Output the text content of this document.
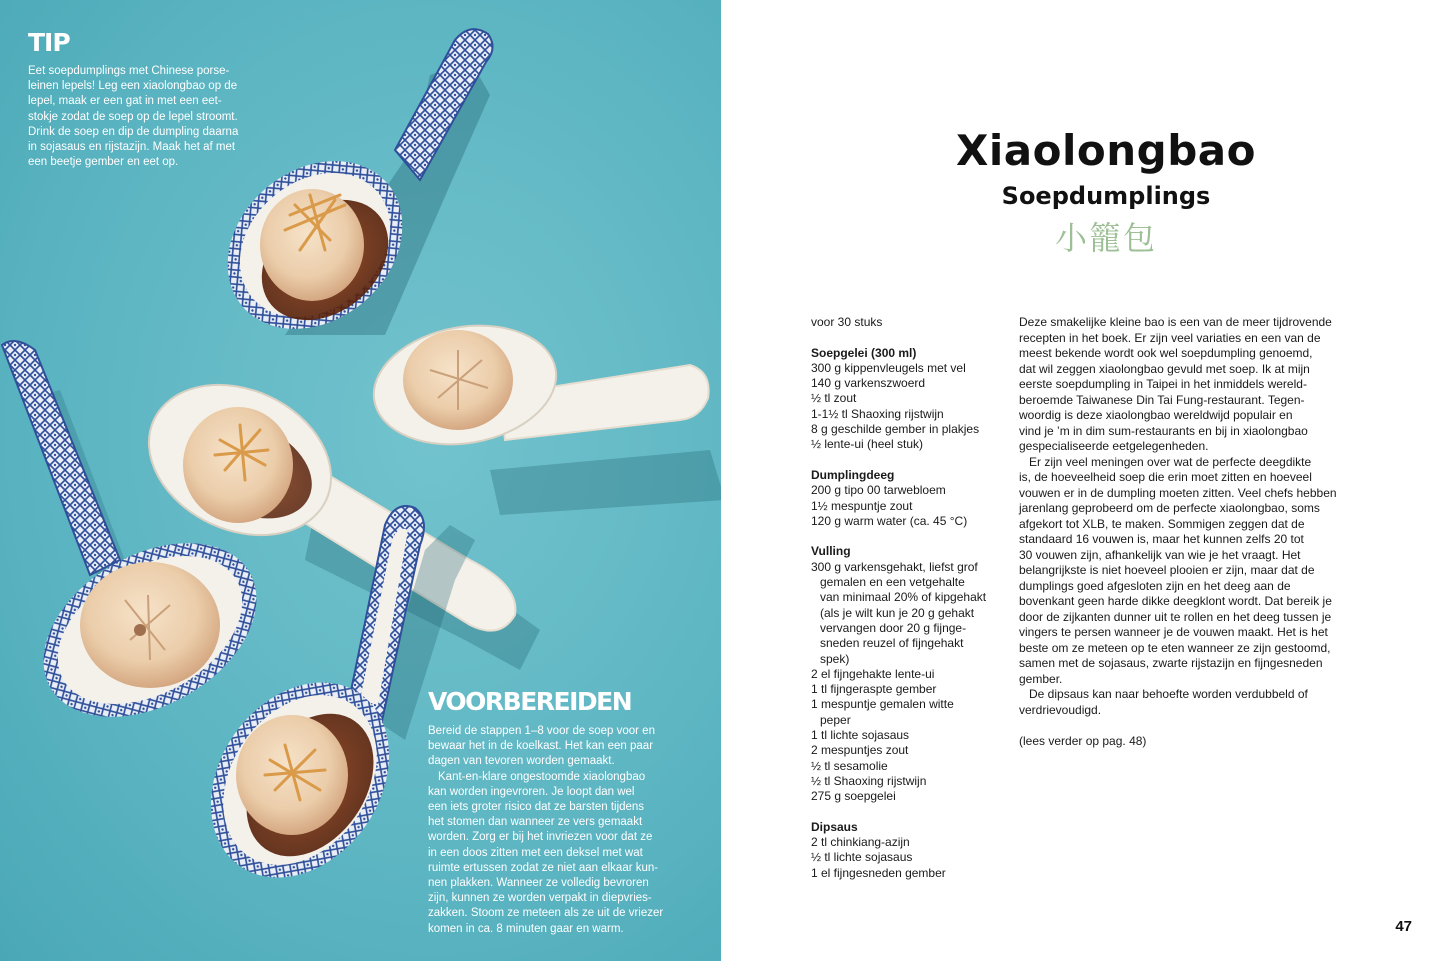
TIP

Eet soepdumplings met Chinese porse-
leinen lepels! Leg een xiaolongbao op de
lepel, maak er een gat in met een eet-
stokje zodat de soep op de lepel stroomt.
Drink de soep en dip de dumpling daarna
in sojasaus en rijstazijn. Maak het af met
een beetje gember en eet op.

VOORBEREIDEN

Bereid de stappen 1–8 voor de soep voor en
bewaar het in de koelkast. Het kan een paar
dagen van tevoren worden gemaakt.
Kant-en-klare ongestoomde xiaolongbao
kan worden ingevroren. Je loopt dan wel
een iets groter risico dat ze barsten tijdens
het stomen dan wanneer ze vers gemaakt
worden. Zorg er bij het invriezen voor dat ze
in een doos zitten met een deksel met wat
ruimte ertussen zodat ze niet aan elkaar kun-
nen plakken. Wanneer ze volledig bevroren
zijn, kunnen ze worden verpakt in diepvries-
zakken. Stoom ze meteen als ze uit de vriezer
komen in ca. 8 minuten gaar en warm.

Xiaolongbao
Soepdumplings
小籠包

voor 30 stuks

Soepgelei (300 ml)

300 g kippenvleugels met vel

140 g varkenszwoerd

½ tl zout

1-1½ tl Shaoxing rijstwijn

8 g geschilde gember in plakjes

½ lente-ui (heel stuk)

Dumplingdeeg

200 g tipo 00 tarwebloem

1½ mespuntje zout

120 g warm water (ca. 45 °C)

Vulling

300 g varkensgehakt, liefst grof

gemalen en een vetgehalte

van minimaal 20% of kipgehakt

(als je wilt kun je 20 g gehakt

vervangen door 20 g fijnge-

sneden reuzel of fijngehakt

spek)

2 el fijngehakte lente-ui

1 tl fijngeraspte gember

1 mespuntje gemalen witte

peper

1 tl lichte sojasaus

2 mespuntjes zout

½ tl sesamolie

½ tl Shaoxing rijstwijn

275 g soepgelei

Dipsaus

2 tl chinkiang-azijn

½ tl lichte sojasaus

1 el fijngesneden gember

Deze smakelijke kleine bao is een van de meer tijdrovende

recepten in het boek. Er zijn veel variaties en een van de

meest bekende wordt ook wel soepdumpling genoemd,

dat wil zeggen xiaolongbao gevuld met soep. Ik at mijn

eerste soepdumpling in Taipei in het inmiddels wereld-

beroemde Taiwanese Din Tai Fung-restaurant. Tegen-

woordig is deze xiaolongbao wereldwijd populair en

vind je ’m in dim sum-restaurants en bij in xiaolongbao

gespecialiseerde eetgelegenheden.

Er zijn veel meningen over wat de perfecte deegdikte

is, de hoeveelheid soep die erin moet zitten en hoeveel

vouwen er in de dumpling moeten zitten. Veel chefs hebben

jarenlang geprobeerd om de perfecte xiaolongbao, soms

afgekort tot XLB, te maken. Sommigen zeggen dat de

standaard 16 vouwen is, maar het kunnen zelfs 20 tot

30 vouwen zijn, afhankelijk van wie je het vraagt. Het

belangrijkste is niet hoeveel plooien er zijn, maar dat de

dumplings goed afgesloten zijn en het deeg aan de

bovenkant geen harde dikke deegklont wordt. Dat bereik je

door de zijkanten dunner uit te rollen en het deeg tussen je

vingers te persen wanneer je de vouwen maakt. Het is het

beste om ze meteen op te eten wanneer ze zijn gestoomd,

samen met de sojasaus, zwarte rijstazijn en fijngesneden

gember.

De dipsaus kan naar behoefte worden verdubbeld of

verdrievoudigd.

(lees verder op pag. 48)

47
